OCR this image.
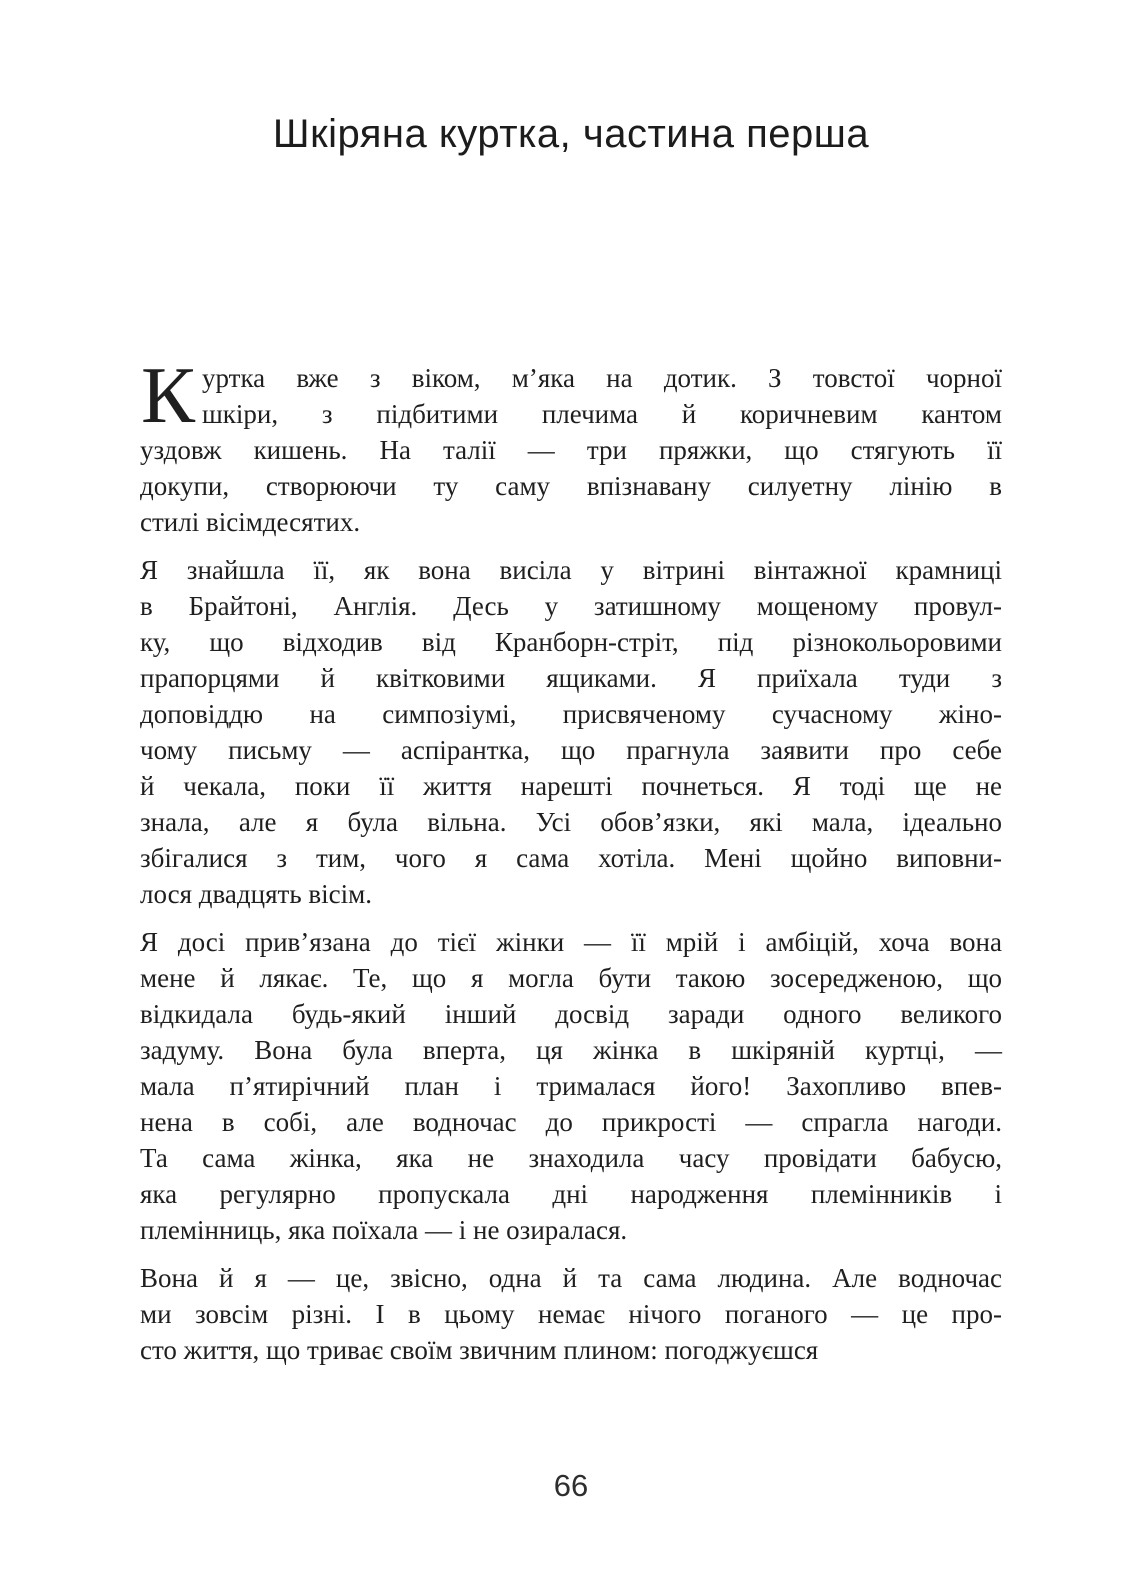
Шкіряна куртка, частина перша
К уртка вже з віком, м’яка на дотик. З товстої чорної
шкіри, з підбитими плечима й коричневим кантом
уздовж кишень. На талії — три пряжки, що стягують її
докупи, створюючи ту саму впізнавану силуетну лінію в
стилі вісімдесятих.
Я знайшла її, як вона висіла у вітрині вінтажної крамниці
в Брайтоні, Англія. Десь у затишному мощеному провул-
ку, що відходив від Кранборн-стріт, під різнокольоровими
прапорцями й квітковими ящиками. Я приїхала туди з
доповіддю на симпозіумі, присвяченому сучасному жіно-
чому письму — аспірантка, що прагнула заявити про себе
й чекала, поки її життя нарешті почнеться. Я тоді ще не
знала, але я була вільна. Усі обов’язки, які мала, ідеально
збігалися з тим, чого я сама хотіла. Мені щойно виповни-
лося двадцять вісім.
Я досі прив’язана до тієї жінки — її мрій і амбіцій, хоча вона
мене й лякає. Те, що я могла бути такою зосередженою, що
відкидала будь-який інший досвід заради одного великого
задуму. Вона була вперта, ця жінка в шкіряній куртці, —
мала п’ятирічний план і трималася його! Захопливо впев-
нена в собі, але водночас до прикрості — спрагла нагоди.
Та сама жінка, яка не знаходила часу провідати бабусю,
яка регулярно пропускала дні народження племінників і
племінниць, яка поїхала — і не озиралася.
Вона й я — це, звісно, одна й та сама людина. Але водночас
ми зовсім різні. І в цьому немає нічого поганого — це про-
сто життя, що триває своїм звичним плином: погоджуєшся
66
